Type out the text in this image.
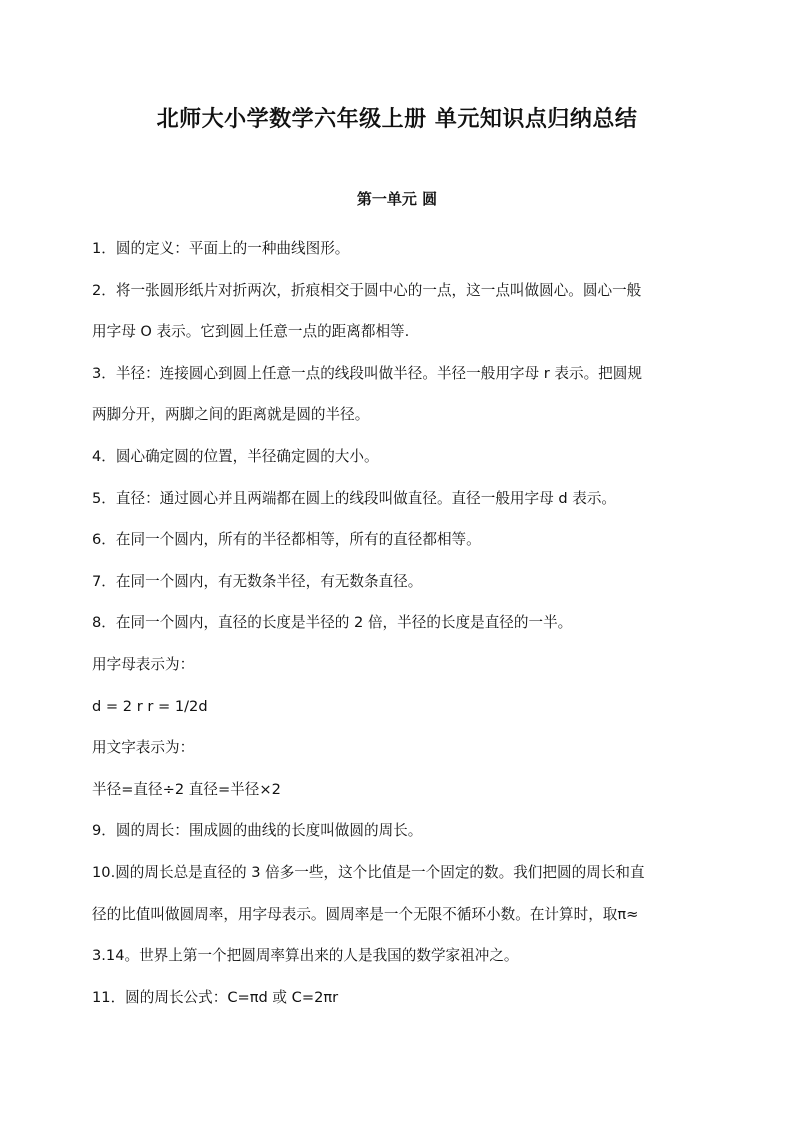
北师大小学数学六年级上册 单元知识点归纳总结
第一单元 圆
1．圆的定义：平面上的一种曲线图形。
2．将一张圆形纸片对折两次，折痕相交于圆中心的一点，这一点叫做圆心。圆心一般
用字母 O 表示。它到圆上任意一点的距离都相等.
3．半径：连接圆心到圆上任意一点的线段叫做半径。半径一般用字母 r 表示。把圆规
两脚分开，两脚之间的距离就是圆的半径。
4．圆心确定圆的位置，半径确定圆的大小。
5．直径：通过圆心并且两端都在圆上的线段叫做直径。直径一般用字母 d 表示。
6．在同一个圆内，所有的半径都相等，所有的直径都相等。
7．在同一个圆内，有无数条半径，有无数条直径。
8．在同一个圆内，直径的长度是半径的 2 倍，半径的长度是直径的一半。
用字母表示为：
d = 2 r r = 1/2d
用文字表示为：
半径=直径÷2 直径=半径×2
9．圆的周长：围成圆的曲线的长度叫做圆的周长。
10.圆的周长总是直径的 3 倍多一些，这个比值是一个固定的数。我们把圆的周长和直
径的比值叫做圆周率，用字母表示。圆周率是一个无限不循环小数。在计算时，取π≈
3.14。世界上第一个把圆周率算出来的人是我国的数学家祖冲之。
11．圆的周长公式：C=πd 或 C=2πr
